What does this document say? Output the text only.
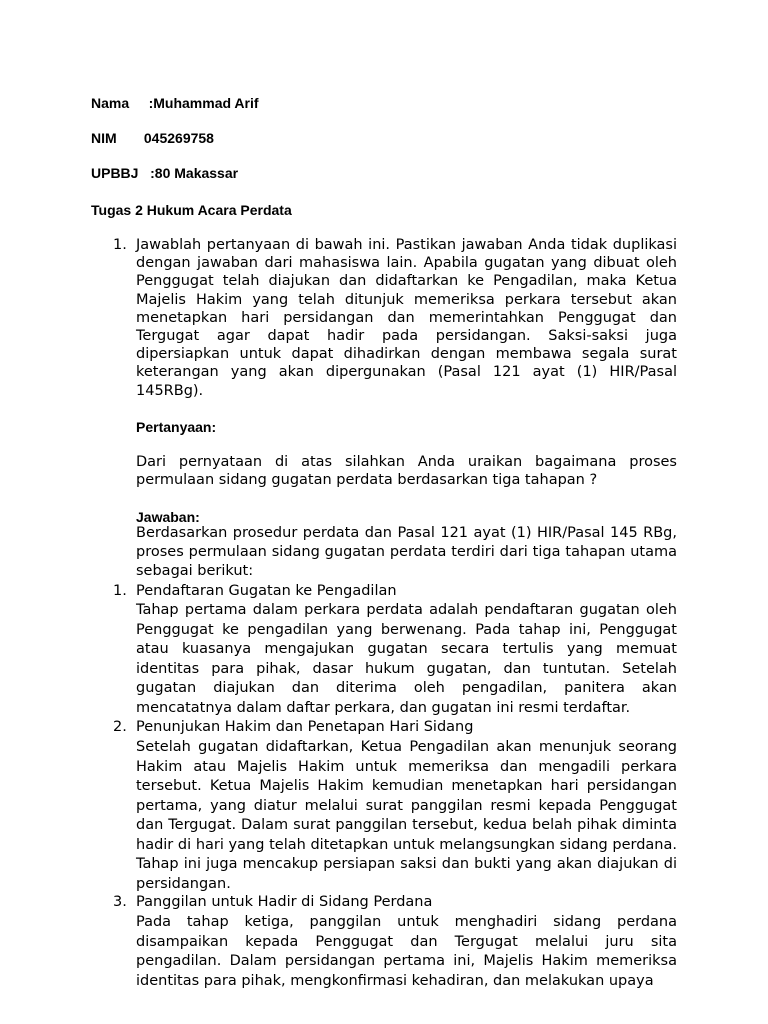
Nama     :Muhammad Arif
NIM       045269758
UPBBJ   :80 Makassar
Tugas 2 Hukum Acara Perdata
1. Jawablah pertanyaan di bawah ini. Pastikan jawaban Anda tidak duplikasi dengan jawaban dari mahasiswa lain. Apabila gugatan yang dibuat oleh Penggugat telah diajukan dan didaftarkan ke Pengadilan, maka Ketua Majelis Hakim yang telah ditunjuk memeriksa perkara tersebut akan menetapkan hari persidangan dan memerintahkan Penggugat dan Tergugat agar dapat hadir pada persidangan. Saksi-saksi juga dipersiapkan untuk dapat dihadirkan dengan membawa segala surat keterangan yang akan dipergunakan (Pasal 121 ayat (1) HIR/Pasal 145RBg).
Pertanyaan:
Dari pernyataan di atas silahkan Anda uraikan bagaimana proses permulaan sidang gugatan perdata berdasarkan tiga tahapan ?
Jawaban:
Berdasarkan prosedur perdata dan Pasal 121 ayat (1) HIR/Pasal 145 RBg, proses permulaan sidang gugatan perdata terdiri dari tiga tahapan utama sebagai berikut:
1. Pendaftaran Gugatan ke Pengadilan
Tahap pertama dalam perkara perdata adalah pendaftaran gugatan oleh Penggugat ke pengadilan yang berwenang. Pada tahap ini, Penggugat atau kuasanya mengajukan gugatan secara tertulis yang memuat identitas para pihak, dasar hukum gugatan, dan tuntutan. Setelah gugatan diajukan dan diterima oleh pengadilan, panitera akan mencatatnya dalam daftar perkara, dan gugatan ini resmi terdaftar.
2. Penunjukan Hakim dan Penetapan Hari Sidang
Setelah gugatan didaftarkan, Ketua Pengadilan akan menunjuk seorang Hakim atau Majelis Hakim untuk memeriksa dan mengadili perkara tersebut. Ketua Majelis Hakim kemudian menetapkan hari persidangan pertama, yang diatur melalui surat panggilan resmi kepada Penggugat dan Tergugat. Dalam surat panggilan tersebut, kedua belah pihak diminta hadir di hari yang telah ditetapkan untuk melangsungkan sidang perdana. Tahap ini juga mencakup persiapan saksi dan bukti yang akan diajukan di persidangan.
3. Panggilan untuk Hadir di Sidang Perdana
Pada tahap ketiga, panggilan untuk menghadiri sidang perdana disampaikan kepada Penggugat dan Tergugat melalui juru sita pengadilan. Dalam persidangan pertama ini, Majelis Hakim memeriksa identitas para pihak, mengkonfirmasi kehadiran, dan melakukan upaya
